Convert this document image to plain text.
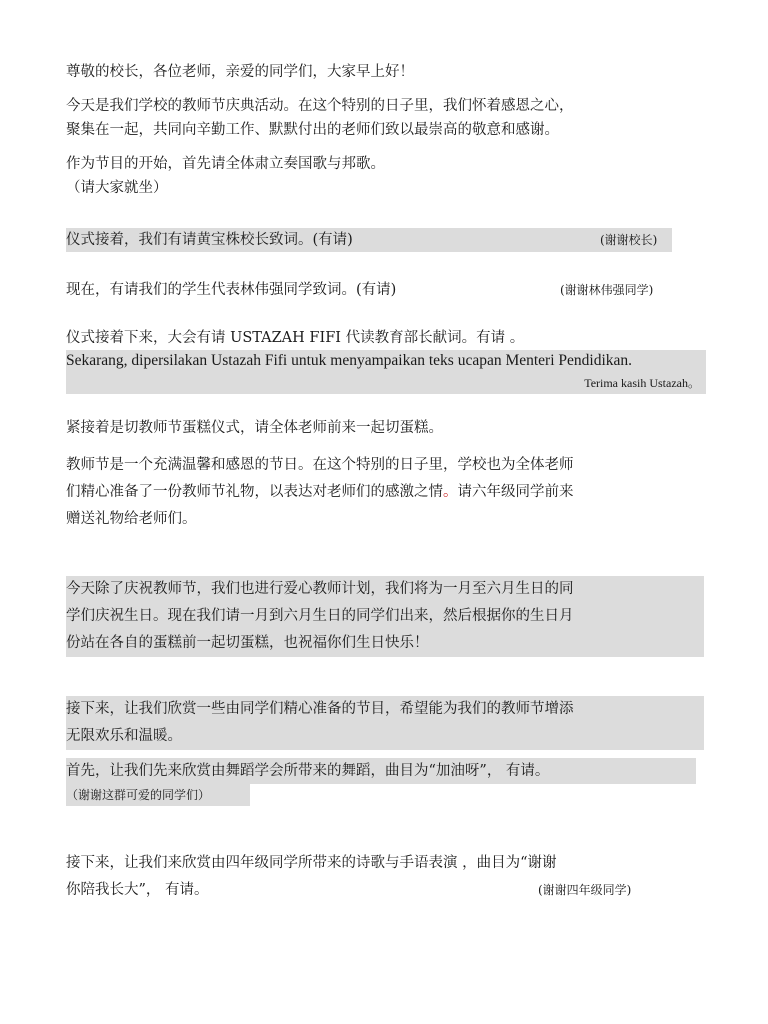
尊敬的校长，各位老师，亲爱的同学们，大家早上好！
今天是我们学校的教师节庆典活动。在这个特别的日子里，我们怀着感恩之心，
聚集在一起，共同向辛勤工作、默默付出的老师们致以最崇高的敬意和感谢。
作为节目的开始，首先请全体肃立奏国歌与邦歌。
（请大家就坐）
仪式接着，我们有请黄宝株校长致词。(有请)	(谢谢校长)
现在，有请我们的学生代表林伟强同学致词。(有请)	(谢谢林伟强同学)
仪式接着下来，大会有请 USTAZAH FIFI 代读教育部长献词。有请 。
Sekarang, dipersilakan Ustazah Fifi untuk menyampaikan teks ucapan Menteri Pendidikan.
Terima kasih Ustazah。
紧接着是切教师节蛋糕仪式，请全体老师前来一起切蛋糕。
教师节是一个充满温馨和感恩的节日。在这个特别的日子里，学校也为全体老师
们精心准备了一份教师节礼物，以表达对老师们的感激之情。请六年级同学前来
赠送礼物给老师们。
今天除了庆祝教师节，我们也进行爱心教师计划，我们将为一月至六月生日的同
学们庆祝生日。现在我们请一月到六月生日的同学们出来，然后根据你的生日月
份站在各自的蛋糕前一起切蛋糕，也祝福你们生日快乐！
接下来，让我们欣赏一些由同学们精心准备的节目，希望能为我们的教师节增添
无限欢乐和温暖。
首先，让我们先来欣赏由舞蹈学会所带来的舞蹈，曲目为“加油呀”， 有请。
（谢谢这群可爱的同学们）
接下来，让我们来欣赏由四年级同学所带来的诗歌与手语表演 ，曲目为“谢谢
你陪我长大”， 有请。	(谢谢四年级同学)
